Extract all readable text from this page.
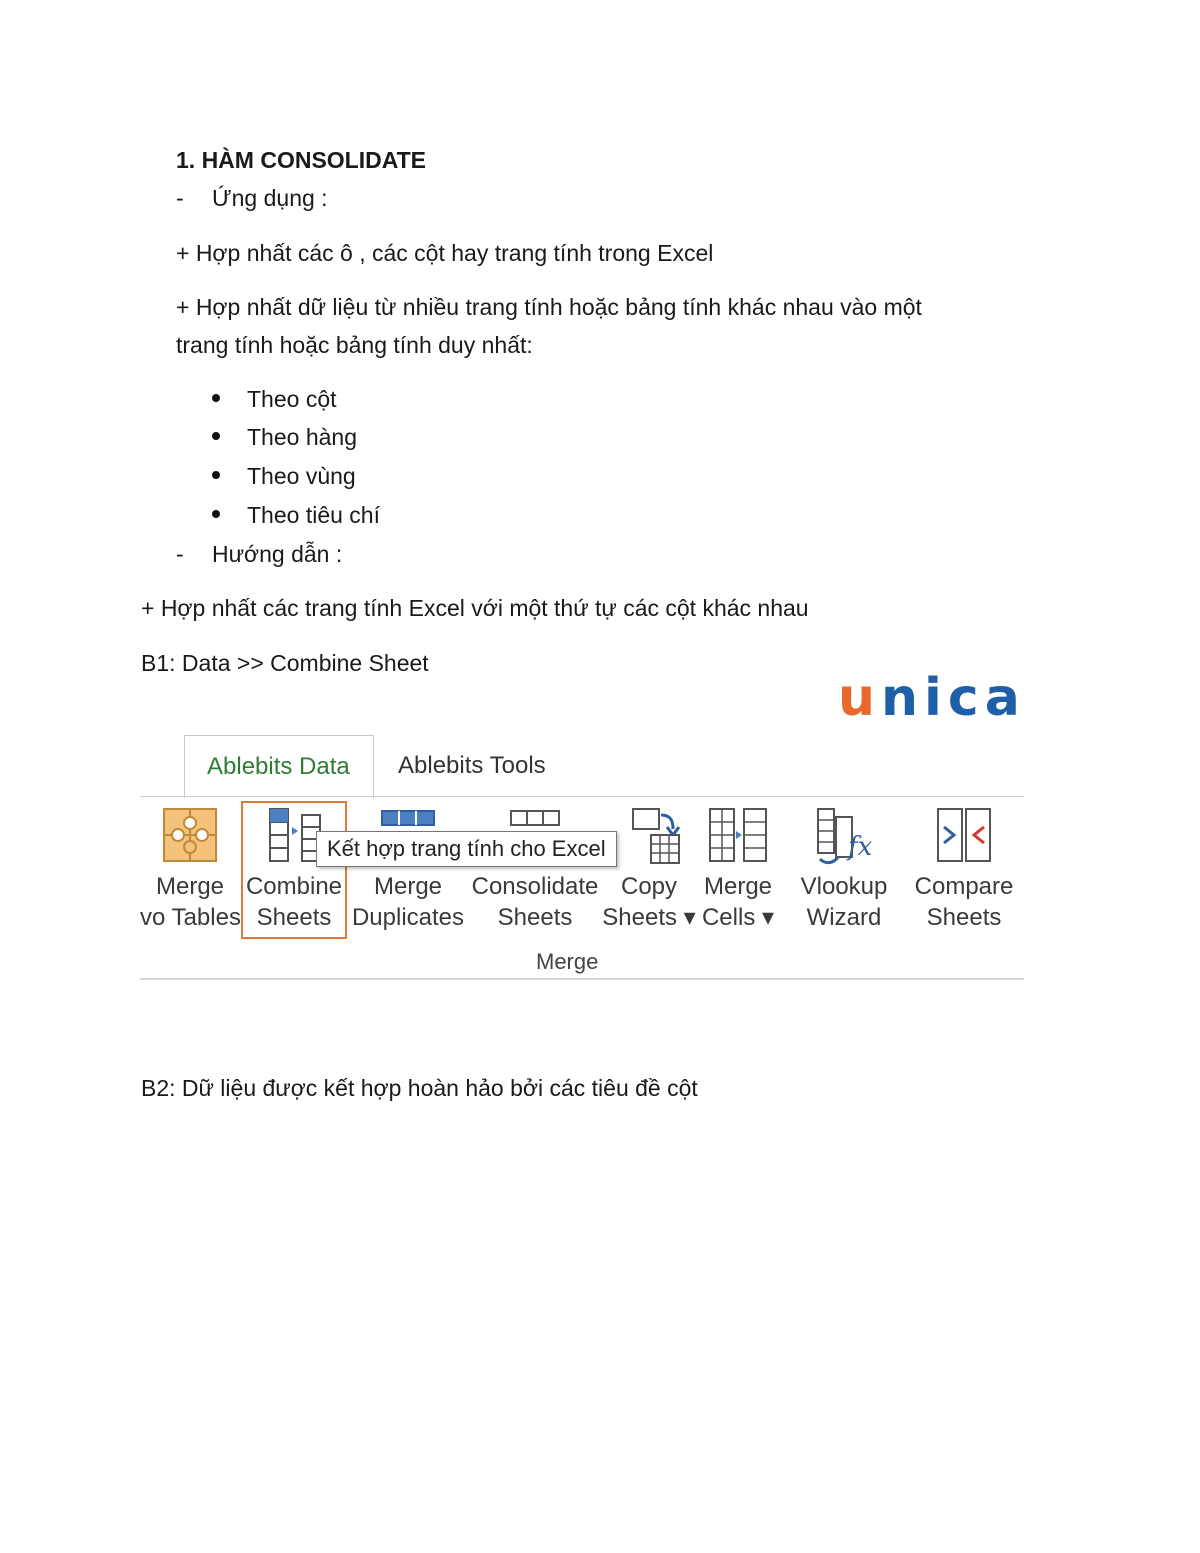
1. HÀM CONSOLIDATE
- Ứng dụng :
+ Hợp nhất các ô , các cột hay trang tính trong Excel
+ Hợp nhất dữ liệu từ nhiều trang tính hoặc bảng tính khác nhau vào một
trang tính hoặc bảng tính duy nhất:
Theo cột
Theo hàng
Theo vùng
Theo tiêu chí
- Hướng dẫn :
+ Hợp nhất các trang tính Excel với một thứ tự các cột khác nhau
B1: Data >> Combine Sheet
unica
Ablebits Data Ablebits Tools
Merge
vo Tables
Combine
Sheets
Merge
Duplicates
Consolidate
Sheets
Copy
Sheets ▾
Merge
Cells ▾
fx
Vlookup
Wizard
Compare
Sheets
Kết hợp trang tính cho Excel
Merge
B2: Dữ liệu được kết hợp hoàn hảo bởi các tiêu đề cột
